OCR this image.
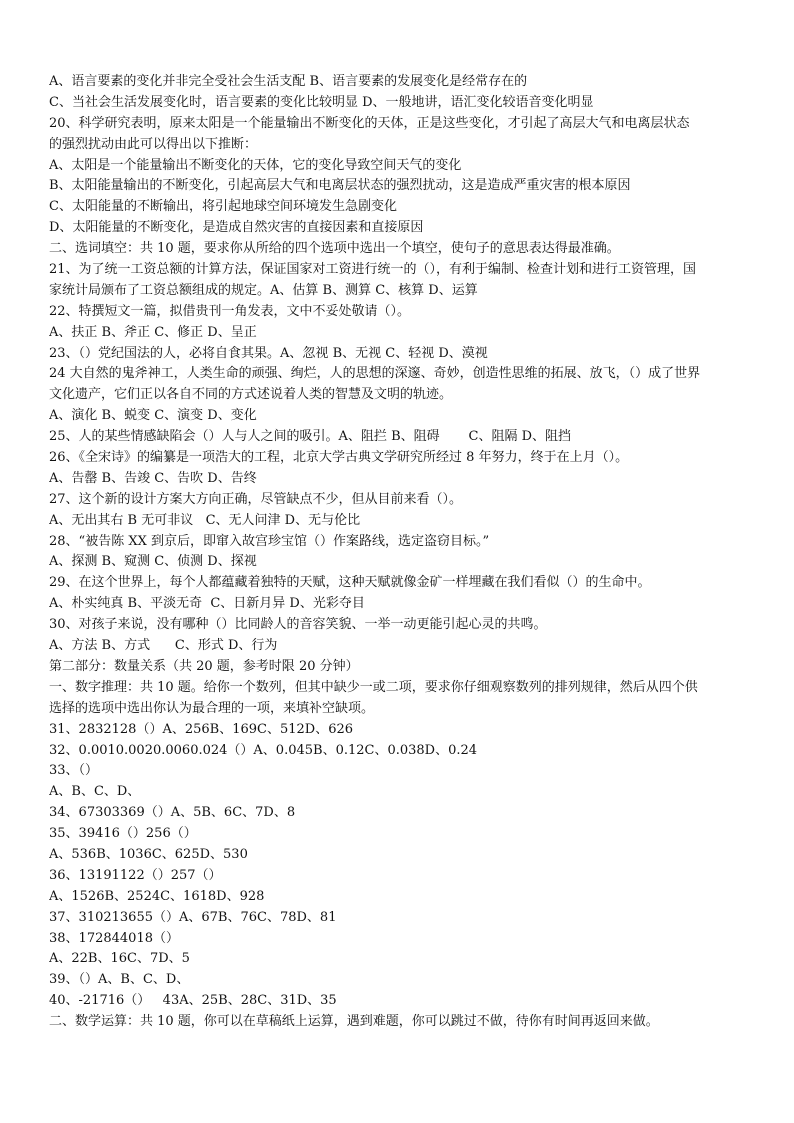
A、语言要素的变化并非完全受社会生活支配 B、语言要素的发展变化是经常存在的
C、当社会生活发展变化时，语言要素的变化比较明显 D、一般地讲，语汇变化较语音变化明显
20、科学研究表明，原来太阳是一个能量输出不断变化的天体，正是这些变化，才引起了高层大气和电离层状态
的强烈扰动由此可以得出以下推断：
A、太阳是一个能量输出不断变化的天体，它的变化导致空间天气的变化
B、太阳能量输出的不断变化，引起高层大气和电离层状态的强烈扰动，这是造成严重灾害的根本原因
C、太阳能量的不断输出，将引起地球空间环境发生急剧变化
D、太阳能量的不断变化，是造成自然灾害的直接因素和直接原因
二、选词填空：共 10 题，要求你从所给的四个选项中选出一个填空，使句子的意思表达得最准确。
21、为了统一工资总额的计算方法，保证国家对工资进行统一的（），有利于编制、检查计划和进行工资管理，国
家统计局颁布了工资总额组成的规定。A、估算 B、测算 C、核算 D、运算
22、特撰短文一篇，拟借贵刊一角发表，文中不妥处敬请（）。
A、扶正 B、斧正 C、修正 D、呈正
23、（）党纪国法的人，必将自食其果。A、忽视 B、无视 C、轻视 D、漠视
24 大自然的鬼斧神工，人类生命的顽强、绚烂，人的思想的深邃、奇妙，创造性思维的拓展、放飞，（）成了世界
文化遗产，它们正以各自不同的方式述说着人类的智慧及文明的轨迹。
A、演化 B、蜕变 C、演变 D、变化
25、人的某些情感缺陷会（）人与人之间的吸引。A、阻拦 B、阻碍       C、阻隔 D、阻挡
26、《全宋诗》的编纂是一项浩大的工程，北京大学古典文学研究所经过 8 年努力，终于在上月（）。
A、告罄 B、告竣 C、告吹 D、告终
27、这个新的设计方案大方向正确，尽管缺点不少，但从目前来看（）。
A、无出其右 B 无可非议   C、无人问津 D、无与伦比
28、“被告陈 XX 到京后，即窜入故宫珍宝馆（）作案路线，选定盗窃目标。”
A、探测 B、窥测 C、侦测 D、探视
29、在这个世界上，每个人都蕴藏着独特的天赋，这种天赋就像金矿一样埋藏在我们看似（）的生命中。
A、朴实纯真 B、平淡无奇  C、日新月异 D、光彩夺目
30、对孩子来说，没有哪种（）比同龄人的音容笑貌、一举一动更能引起心灵的共鸣。
A、方法 B、方式      C、形式 D、行为
第二部分：数量关系（共 20 题，参考时限 20 分钟）
一、数字推理：共 10 题。给你一个数列，但其中缺少一或二项，要求你仔细观察数列的排列规律，然后从四个供
选择的选项中选出你认为最合理的一项，来填补空缺项。
31、2832128（）A、256B、169C、512D、626
32、0.0010.0020.0060.024（）A、0.045B、0.12C、0.038D、0.24
33、（）
A、B、C、D、
34、67303369（）A、5B、6C、7D、8
35、39416（）256（）
A、536B、1036C、625D、530
36、13191122（）257（）
A、1526B、2524C、1618D、928
37、310213655（）A、67B、76C、78D、81
38、172844018（）
A、22B、16C、7D、5
39、（）A、B、C、D、
40、-21716（）   43A、25B、28C、31D、35
二、数学运算：共 10 题，你可以在草稿纸上运算，遇到难题，你可以跳过不做，待你有时间再返回来做。
